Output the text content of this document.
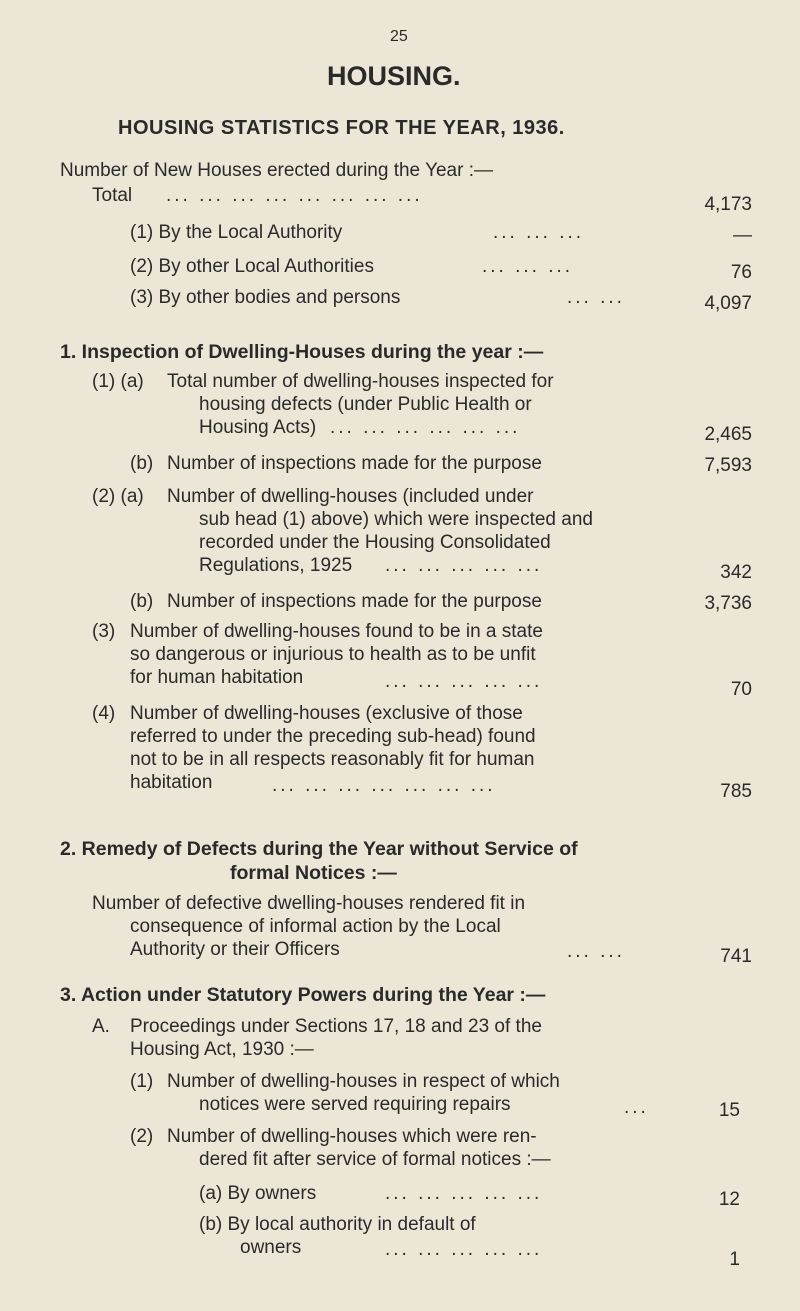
25
HOUSING.
HOUSING STATISTICS FOR THE YEAR, 1936.
Number of New Houses erected during the Year :—
Total ... ... ... ... ... ... ... ...	4,173
(1) By the Local Authority	... ... ...	—
(2) By other Local Authorities	... ... ...	76
(3) By other bodies and persons	... ...	4,097
1. Inspection of Dwelling-Houses during the year :—
(1) (a) Total number of dwelling-houses inspected for
housing defects (under Public Health or
Housing Acts) ... ... ... ... ... ...	2,465
(b) Number of inspections made for the purpose	7,593
(2) (a) Number of dwelling-houses (included under
sub head (1) above) which were inspected and
recorded under the Housing Consolidated
Regulations, 1925 ... ... ... ... ...	342
(b) Number of inspections made for the purpose	3,736
(3) Number of dwelling-houses found to be in a state
so dangerous or injurious to health as to be unfit
for human habitation	... ... ... ... ...	70
(4) Number of dwelling-houses (exclusive of those
referred to under the preceding sub-head) found
not to be in all respects reasonably fit for human
habitation	... ... ... ... ... ... ...	785
2. Remedy of Defects during the Year without Service of
formal Notices :—
Number of defective dwelling-houses rendered fit in
consequence of informal action by the Local
Authority or their Officers	... ...	741
3. Action under Statutory Powers during the Year :—
A. Proceedings under Sections 17, 18 and 23 of the
Housing Act, 1930 :—
(1) Number of dwelling-houses in respect of which
notices were served requiring repairs	...	15
(2) Number of dwelling-houses which were ren-
dered fit after service of formal notices :—
(a) By owners	... ... ... ... ...	12
(b) By local authority in default of
owners	... ... ... ... ...	1
